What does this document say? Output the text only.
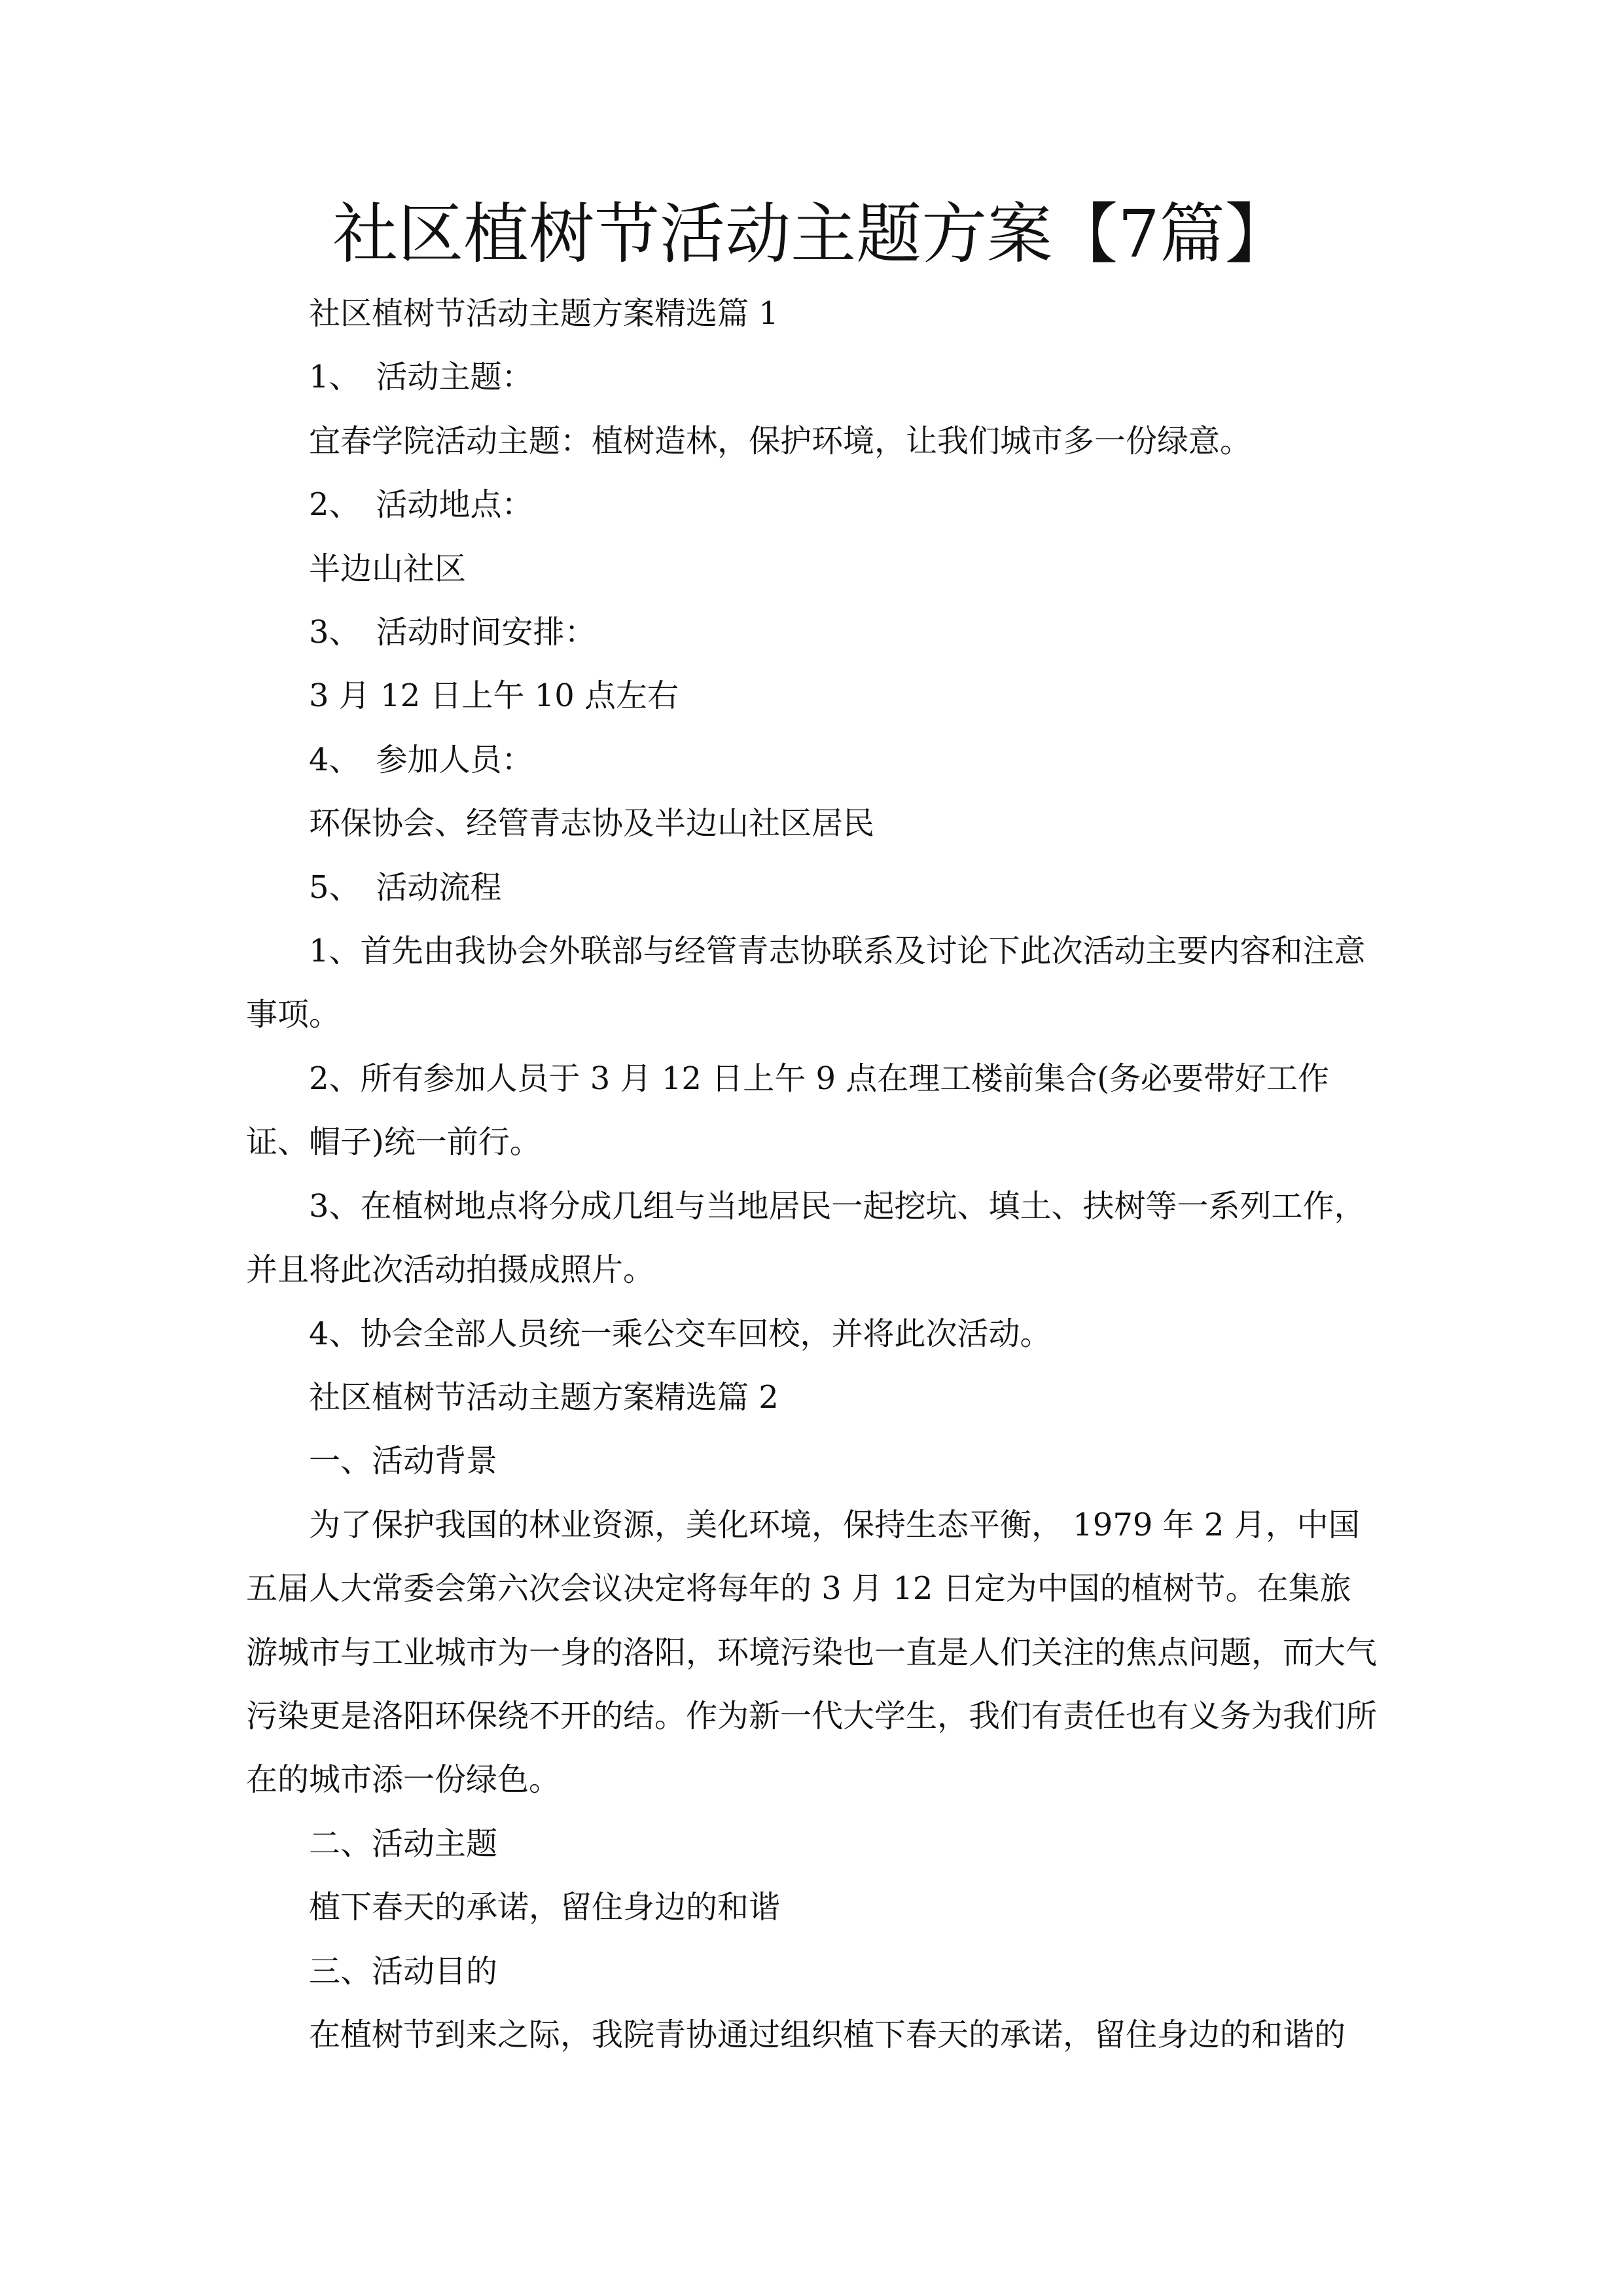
社区植树节活动主题方案【7篇】

社区植树节活动主题方案精选篇 1

1、　活动主题：

宜春学院活动主题：植树造林，保护环境，让我们城市多一份绿意。

2、　活动地点：

半边山社区

3、　活动时间安排：

3 月 12 日上午 10 点左右

4、　参加人员：

环保协会、经管青志协及半边山社区居民

5、　活动流程

1、首先由我协会外联部与经管青志协联系及讨论下此次活动主要内容和注意事项。

2、所有参加人员于 3 月 12 日上午 9 点在理工楼前集合(务必要带好工作证、帽子)统一前行。

3、在植树地点将分成几组与当地居民一起挖坑、填土、扶树等一系列工作，并且将此次活动拍摄成照片。

4、协会全部人员统一乘公交车回校，并将此次活动。

社区植树节活动主题方案精选篇 2

一、活动背景

为了保护我国的林业资源，美化环境，保持生态平衡， 1979 年 2 月，中国五届人大常委会第六次会议决定将每年的 3 月 12 日定为中国的植树节。在集旅游城市与工业城市为一身的洛阳，环境污染也一直是人们关注的焦点问题，而大气污染更是洛阳环保绕不开的结。作为新一代大学生，我们有责任也有义务为我们所在的城市添一份绿色。

二、活动主题

植下春天的承诺，留住身边的和谐

三、活动目的

在植树节到来之际，我院青协通过组织植下春天的承诺，留住身边的和谐的
